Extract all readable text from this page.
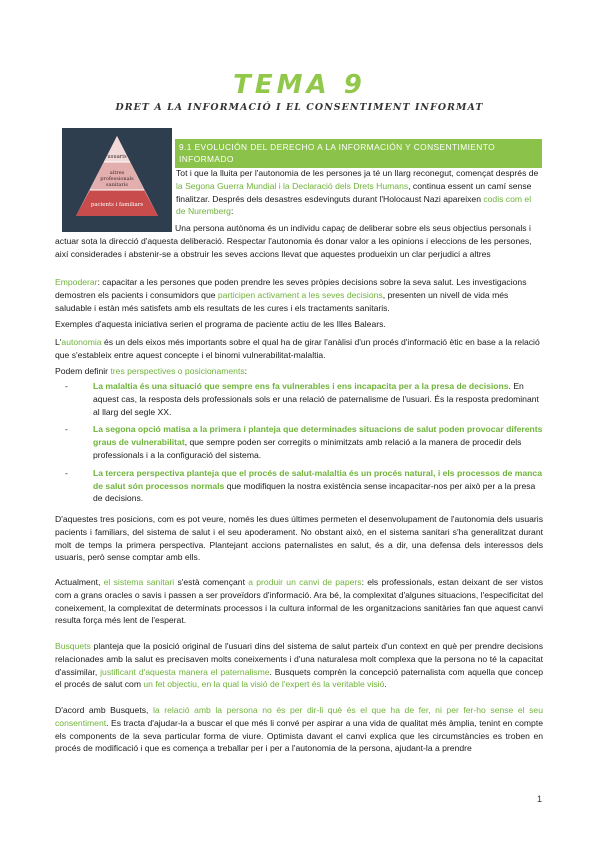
TEMA 9
DRET A LA INFORMACIÓ I EL CONSENTIMENT INFORMAT
usuaris
altres
professionals
sanitaris
pacients i familiars
9.1 EVOLUCIÓN DEL DERECHO A LA INFORMACIÓN Y CONSENTIMIENTO INFORMADO

Tot i que la lluita per l'autonomia de les persones ja té un llarg reconegut, començat després de la Segona Guerra Mundial i la Declaració dels Drets Humans, continua essent un camí sense finalitzar. Després dels desastres esdevinguts durant l'Holocaust Nazi apareixen codis com el de Nuremberg:

Una persona autònoma és un individu capaç de deliberar sobre els seus objectius personals i actuar sota la direcció d'aquesta deliberació. Respectar l'autonomia és donar valor a les opinions i eleccions de les persones, així considerades i abstenir-se a obstruir les seves accions llevat que aquestes produeixin un clar perjudici a altres
Empoderar: capacitar a les persones que poden prendre les seves pròpies decisions sobre la seva salut. Les investigacions demostren els pacients i consumidors que participen activament a les seves decisions, presenten un nivell de vida més saludable i estàn més satisfets amb els resultats de les cures i els tractaments sanitaris.
Exemples d'aquesta iniciativa serien el programa de paciente actiu de les Illes Balears.
L'autonomia és un dels eixos més importants sobre el qual ha de girar l'anàlisi d'un procés d'informació ètic en base a la relació que s'estableix entre aquest concepte i el binomi vulnerabilitat-malaltia.
Podem definir tres perspectives o posicionaments:
-	La malaltia és una situació que sempre ens fa vulnerables i ens incapacita per a la presa de decisions. En aquest cas, la resposta dels professionals sols er una relació de paternalisme de l'usuari. És la resposta predominant al llarg del segle XX.
-	La segona opció matisa a la primera i planteja que determinades situacions de salut poden provocar diferents graus de vulnerabilitat, que sempre poden ser corregits o minimitzats amb relació a la manera de procedir dels professionals i a la configuració del sistema.
-	La tercera perspectiva planteja que el procés de salut-malaltia és un procés natural, i els processos de manca de salut són processos normals que modifiquen la nostra existència sense incapacitar-nos per això per a la presa de decisions.
D'aquestes tres posicions, com es pot veure, només les dues últimes permeten el desenvolupament de l'autonomia dels usuaris pacients i familiars, del sistema de salut i el seu apoderament. No obstant això, en el sistema sanitari s'ha generalitzat durant molt de temps la primera perspectiva. Plantejant accions paternalistes en salut, és a dir, una defensa dels interessos dels usuaris, però sense comptar amb ells.
Actualment, el sistema sanitari s'està començant a produir un canvi de papers: els professionals, estan deixant de ser vistos com a grans oracles o savis i passen a ser proveïdors d'informació. Ara bé, la complexitat d'algunes situacions, l'especificitat del coneixement, la complexitat de determinats processos i la cultura informal de les organitzacions sanitàries fan que aquest canvi resulta força més lent de l'esperat.
Busquets planteja que la posició original de l'usuari dins del sistema de salut parteix d'un context en què per prendre decisions relacionades amb la salut es precisaven molts coneixements i d'una naturalesa molt complexa que la persona no té la capacitat d'assimilar, justificant d'aquesta manera el paternalisme. Busquets comprèn la concepció paternalista com aquella que concep el procés de salut com un fet objectiu, en la qual la visió de l'expert és la veritable visió.
D'acord amb Busquets, la relació amb la persona no és per dir-li què és el que ha de fer, ni per fer-ho sense el seu consentiment. Es tracta d'ajudar-la a buscar el que més li convé per aspirar a una vida de qualitat més àmplia, tenint en compte els components de la seva particular forma de viure. Optimista davant el canvi explica que les circumstàncies es troben en procés de modificació i que es comença a treballar per i per a l'autonomia de la persona, ajudant-la a prendre
1
